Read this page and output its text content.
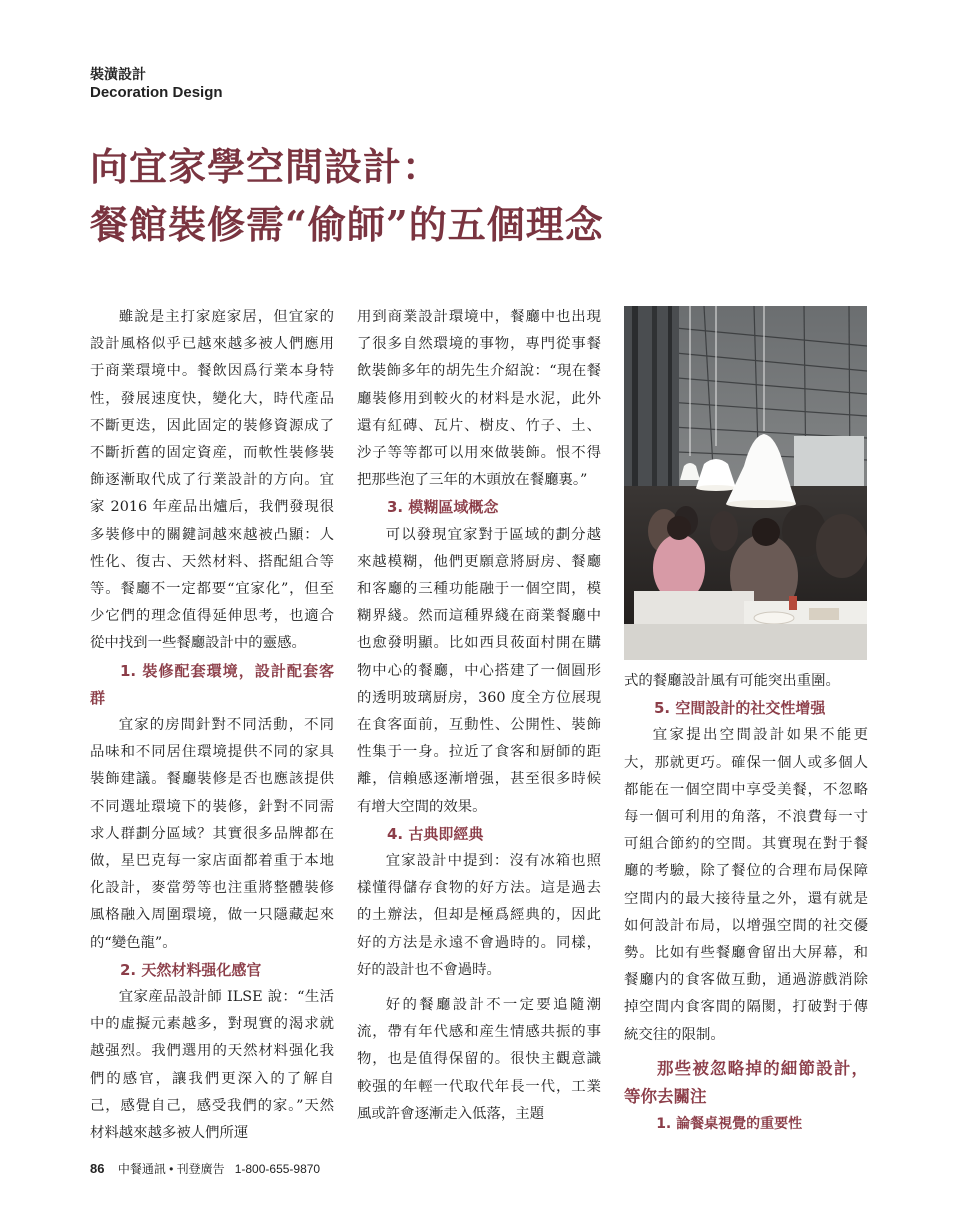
裝潢設計
Decoration Design
向宜家學空間設計：
餐館裝修需“偷師”的五個理念

雖說是主打家庭家居，但宜家的設計風格似乎已越來越多被人們應用于商業環境中。餐飲因爲行業本身特性，發展速度快，變化大，時代產品不斷更迭，因此固定的裝修資源成了不斷折舊的固定資産，而軟性裝修裝飾逐漸取代成了行業設計的方向。宜家 2016 年産品出爐后，我們發現很多裝修中的關鍵詞越來越被凸顯：人性化、復古、天然材料、搭配組合等等。餐廳不一定都要“宜家化”，但至少它們的理念值得延伸思考，也適合從中找到一些餐廳設計中的靈感。

1. 裝修配套環境，設計配套客群

宜家的房間針對不同活動，不同品味和不同居住環境提供不同的家具裝飾建議。餐廳裝修是否也應該提供不同選址環境下的裝修，針對不同需求人群劃分區域？其實很多品牌都在做，星巴克每一家店面都着重于本地化設計，麥當勞等也注重將整體裝修風格融入周圍環境，做一只隱藏起來的“變色龍”。

2. 天然材料强化感官

宜家産品設計師 ILSE 說：“生活中的虛擬元素越多，對現實的渴求就越强烈。我們選用的天然材料强化我們的感官，讓我們更深入的了解自己，感覺自己，感受我們的家。”天然材料越來越多被人們所運

用到商業設計環境中，餐廳中也出現了很多自然環境的事物，專門從事餐飲裝飾多年的胡先生介紹說：“現在餐廳裝修用到較火的材料是水泥，此外還有紅磚、瓦片、樹皮、竹子、土、沙子等等都可以用來做裝飾。恨不得把那些泡了三年的木頭放在餐廳裏。”

3. 模糊區域概念

可以發現宜家對于區域的劃分越來越模糊，他們更願意將厨房、餐廳和客廳的三種功能融于一個空間，模糊界綫。然而這種界綫在商業餐廳中也愈發明顯。比如西貝莜面村開在購物中心的餐廳，中心搭建了一個圓形的透明玻璃厨房，360 度全方位展現在食客面前，互動性、公開性、裝飾性集于一身。拉近了食客和厨師的距離，信賴感逐漸增强，甚至很多時候有增大空間的效果。

4. 古典即經典

宜家設計中提到：沒有冰箱也照樣懂得儲存食物的好方法。這是過去的土辦法，但却是極爲經典的，因此好的方法是永遠不會過時的。同樣，好的設計也不會過時。

好的餐廳設計不一定要追隨潮流，帶有年代感和産生情感共振的事物，也是值得保留的。很快主觀意識較强的年輕一代取代年長一代，工業風或許會逐漸走入低落，主題

式的餐廳設計風有可能突出重圍。

5. 空間設計的社交性增强

宜家提出空間設計如果不能更大，那就更巧。確保一個人或多個人都能在一個空間中享受美餐，不忽略每一個可利用的角落，不浪費每一寸可組合節約的空間。其實現在對于餐廳的考驗，除了餐位的合理布局保障空間内的最大接待量之外，還有就是如何設計布局，以增强空間的社交優勢。比如有些餐廳會留出大屏幕，和餐廳内的食客做互動，通過游戲消除掉空間内食客間的隔閡，打破對于傳統交往的限制。

那些被忽略掉的細節設計，等你去關注
1. 論餐桌視覺的重要性
86 中餐通訊 • 刊登廣告 1-800-655-9870
